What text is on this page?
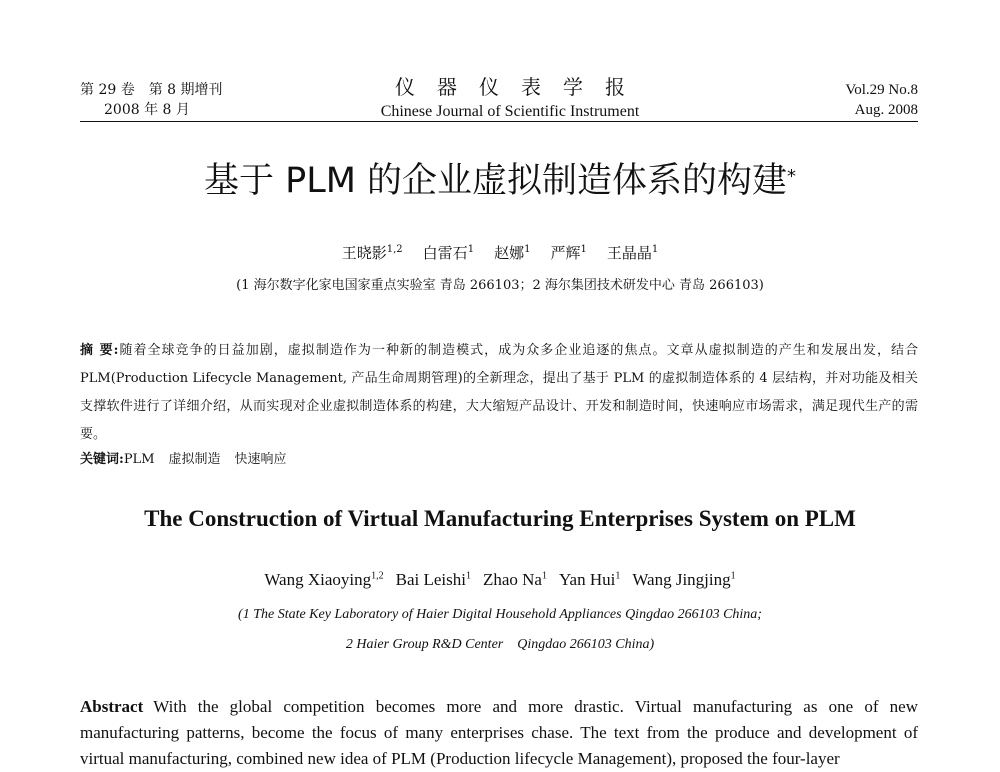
第 29 卷　第 8 期增刊
2008 年 8 月
仪器仪表学报
Chinese Journal of Scientific Instrument
Vol.29 No.8
Aug. 2008
基于 PLM 的企业虚拟制造体系的构建*
王晓影$^{1,2}$ 白雷石$^1$ 赵娜$^1$ 严辉$^1$ 王晶晶$^1$
(1 海尔数字化家电国家重点实验室 青岛 266103；2 海尔集团技术研发中心 青岛 266103)
摘 要:随着全球竞争的日益加剧，虚拟制造作为一种新的制造模式，成为众多企业追逐的焦点。文章从虚拟制造的产生和发展出发，结合 PLM(Production Lifecycle Management, 产品生命周期管理)的全新理念，提出了基于 PLM 的虚拟制造体系的 4 层结构，并对功能及相关支撑软件进行了详细介绍，从而实现对企业虚拟制造体系的构建，大大缩短产品设计、开发和制造时间，快速响应市场需求，满足现代生产的需要。
关键词:PLM 虚拟制造 快速响应
The Construction of Virtual Manufacturing Enterprises System on PLM
Wang Xiaoying$^{1,2}$ Bai Leishi$^1$ Zhao Na$^1$ Yan Hui$^1$ Wang Jingjing$^1$
(1 The State Key Laboratory of Haier Digital Household Appliances Qingdao 266103 China;
2 Haier Group R&D Center　Qingdao 266103 China)
Abstract With the global competition becomes more and more drastic. Virtual manufacturing as one of new manufacturing patterns, become the focus of many enterprises chase. The text from the produce and development of virtual manufacturing, combined new idea of PLM (Production lifecycle Management), proposed the four-layer
